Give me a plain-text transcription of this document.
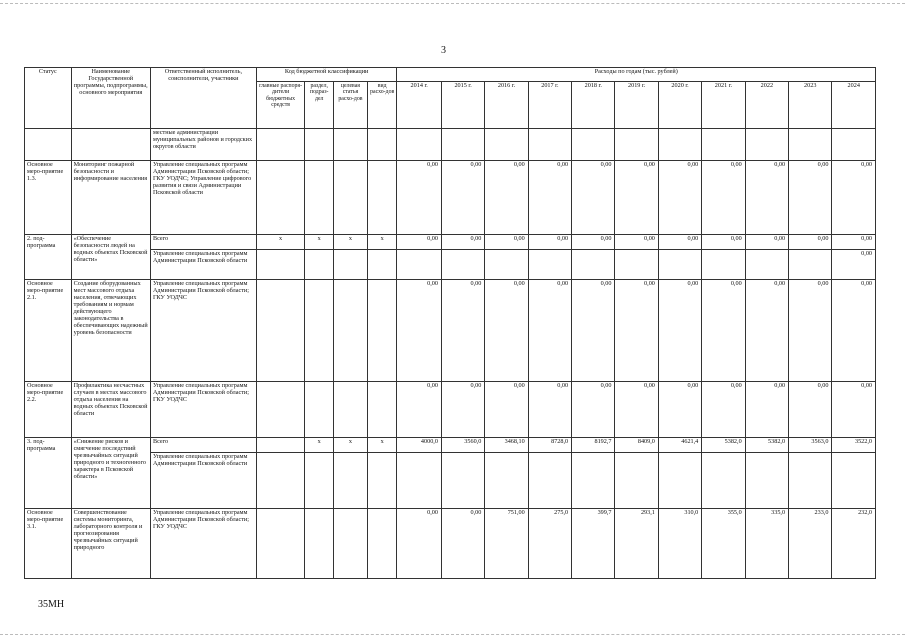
3
Статус	Наименование Государственной программы, подпрограммы, основного мероприятия	Ответственный исполнитель, соисполнители, участники	Код бюджетной классификации				Расходы по годам (тыс. рублей)										
			главные распоря-дители бюджетных средств	раздел, подраз-дел	целевая статья расхо-дов	вид расхо-дов	2014 г.	2015 г.	2016 г.	2017 г.	2018 г.	2019 г.	2020 г.	2021 г.	2022	2023	2024
		местные администрации муниципальных районов и городских округов области															
Основное меро-приятие 1.3.	Мониторинг пожарной безопасности и информирование населения	Управление специальных программ Администрации Псковской области; ГКУ УОДЧС; Управление цифрового развития и связи Администрации Псковской области					0,00	0,00	0,00	0,00	0,00	0,00	0,00	0,00	0,00	0,00	0,00
2. под-программа	«Обеспечение безопасности людей на водных объектах Псковской области»	Всего	х	х	х	х	0,00	0,00	0,00	0,00	0,00	0,00	0,00	0,00	0,00	0,00	0,00
		Управление специальных программ Администрации Псковской области															0,00
Основное меро-приятие 2.1.	Создание оборудованных мест массового отдыха населения, отвечающих требованиям и нормам действующего законодательства в обеспечивающих надежный уровень безопасности	Управление специальных программ Администрации Псковской области; ГКУ УОДЧС					0,00	0,00	0,00	0,00	0,00	0,00	0,00	0,00	0,00	0,00	0,00
Основное меро-приятие 2.2.	Профилактика несчастных случаев в местах массового отдыха населения на водных объектах Псковской области	Управление специальных программ Администрации Псковской области; ГКУ УОДЧС					0,00	0,00	0,00	0,00	0,00	0,00	0,00	0,00	0,00	0,00	0,00
3. под-программа	«Снижение рисков и смягчение последствий чрезвычайных ситуаций природного и техногенного характера в Псковской области»	Всего		х	х	х	4000,0	3560,0	3468,10	8728,0	8192,7	8409,0	4621,4	5382,0	5382,0	3563,0	3522,0
		Управление специальных программ Администрации Псковской области															
Основное меро-приятие 3.1.	Совершенствование системы мониторинга, лабораторного контроля и прогнозирования чрезвычайных ситуаций природного	Управление специальных программ Администрации Псковской области; ГКУ УОДЧС					0,00	0,00	751,00	275,0	399,7	293,1	310,0	355,0	335,0	233,0	232,0
35МН
